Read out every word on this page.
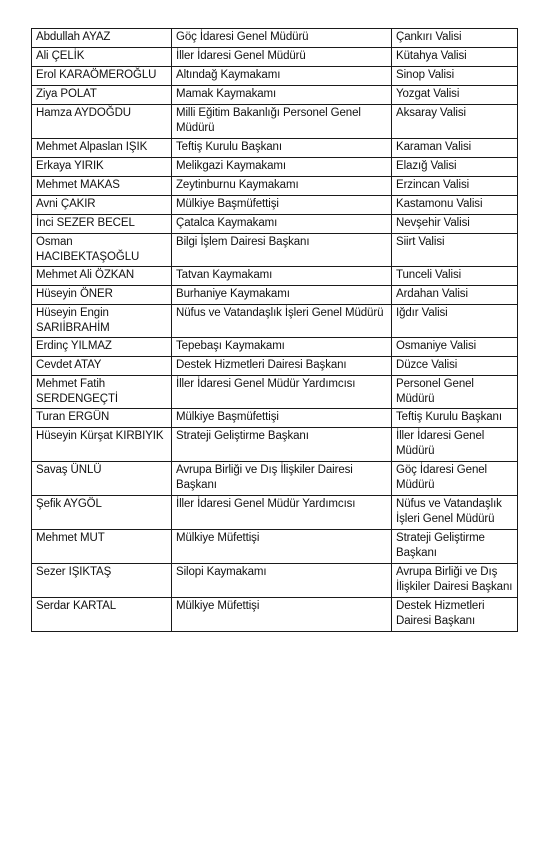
Abdullah AYAZ	Göç İdaresi Genel Müdürü	Çankırı Valisi

Ali ÇELİK	İller İdaresi Genel Müdürü	Kütahya Valisi

Erol KARAÖMEROĞLU	Altındağ Kaymakamı	Sinop Valisi

Ziya POLAT	Mamak Kaymakamı	Yozgat Valisi

Hamza AYDOĞDU	Milli Eğitim Bakanlığı Personel Genel Müdürü	Aksaray Valisi

Mehmet Alpaslan IŞIK	Teftiş Kurulu Başkanı	Karaman Valisi

Erkaya YIRIK	Melikgazi Kaymakamı	Elazığ Valisi

Mehmet MAKAS	Zeytinburnu Kaymakamı	Erzincan Valisi

Avni ÇAKIR	Mülkiye Başmüfettişi	Kastamonu Valisi

İnci SEZER BECEL	Çatalca Kaymakamı	Nevşehir Valisi

Osman HACIBEKTAŞOĞLU	Bilgi İşlem Dairesi Başkanı	Siirt Valisi

Mehmet Ali ÖZKAN	Tatvan Kaymakamı	Tunceli Valisi

Hüseyin ÖNER	Burhaniye Kaymakamı	Ardahan Valisi

Hüseyin Engin SARIİBRAHİM	Nüfus ve Vatandaşlık İşleri Genel Müdürü	Iğdır Valisi

Erdinç YILMAZ	Tepebaşı Kaymakamı	Osmaniye Valisi

Cevdet ATAY	Destek Hizmetleri Dairesi Başkanı	Düzce Valisi

Mehmet Fatih SERDENGEÇTİ	İller İdaresi Genel Müdür Yardımcısı	Personel Genel Müdürü

Turan ERGÜN	Mülkiye Başmüfettişi	Teftiş Kurulu Başkanı

Hüseyin Kürşat KIRBIYIK	Strateji Geliştirme Başkanı	İller İdaresi Genel Müdürü

Savaş ÜNLÜ	Avrupa Birliği ve Dış İlişkiler Dairesi Başkanı	Göç İdaresi Genel Müdürü

Şefik AYGÖL	İller İdaresi Genel Müdür Yardımcısı	Nüfus ve Vatandaşlık İşleri Genel Müdürü

Mehmet MUT	Mülkiye Müfettişi	Strateji Geliştirme Başkanı

Sezer IŞIKTAŞ	Silopi Kaymakamı	Avrupa Birliği ve Dış İlişkiler Dairesi Başkanı

Serdar KARTAL	Mülkiye Müfettişi	Destek Hizmetleri Dairesi Başkanı
